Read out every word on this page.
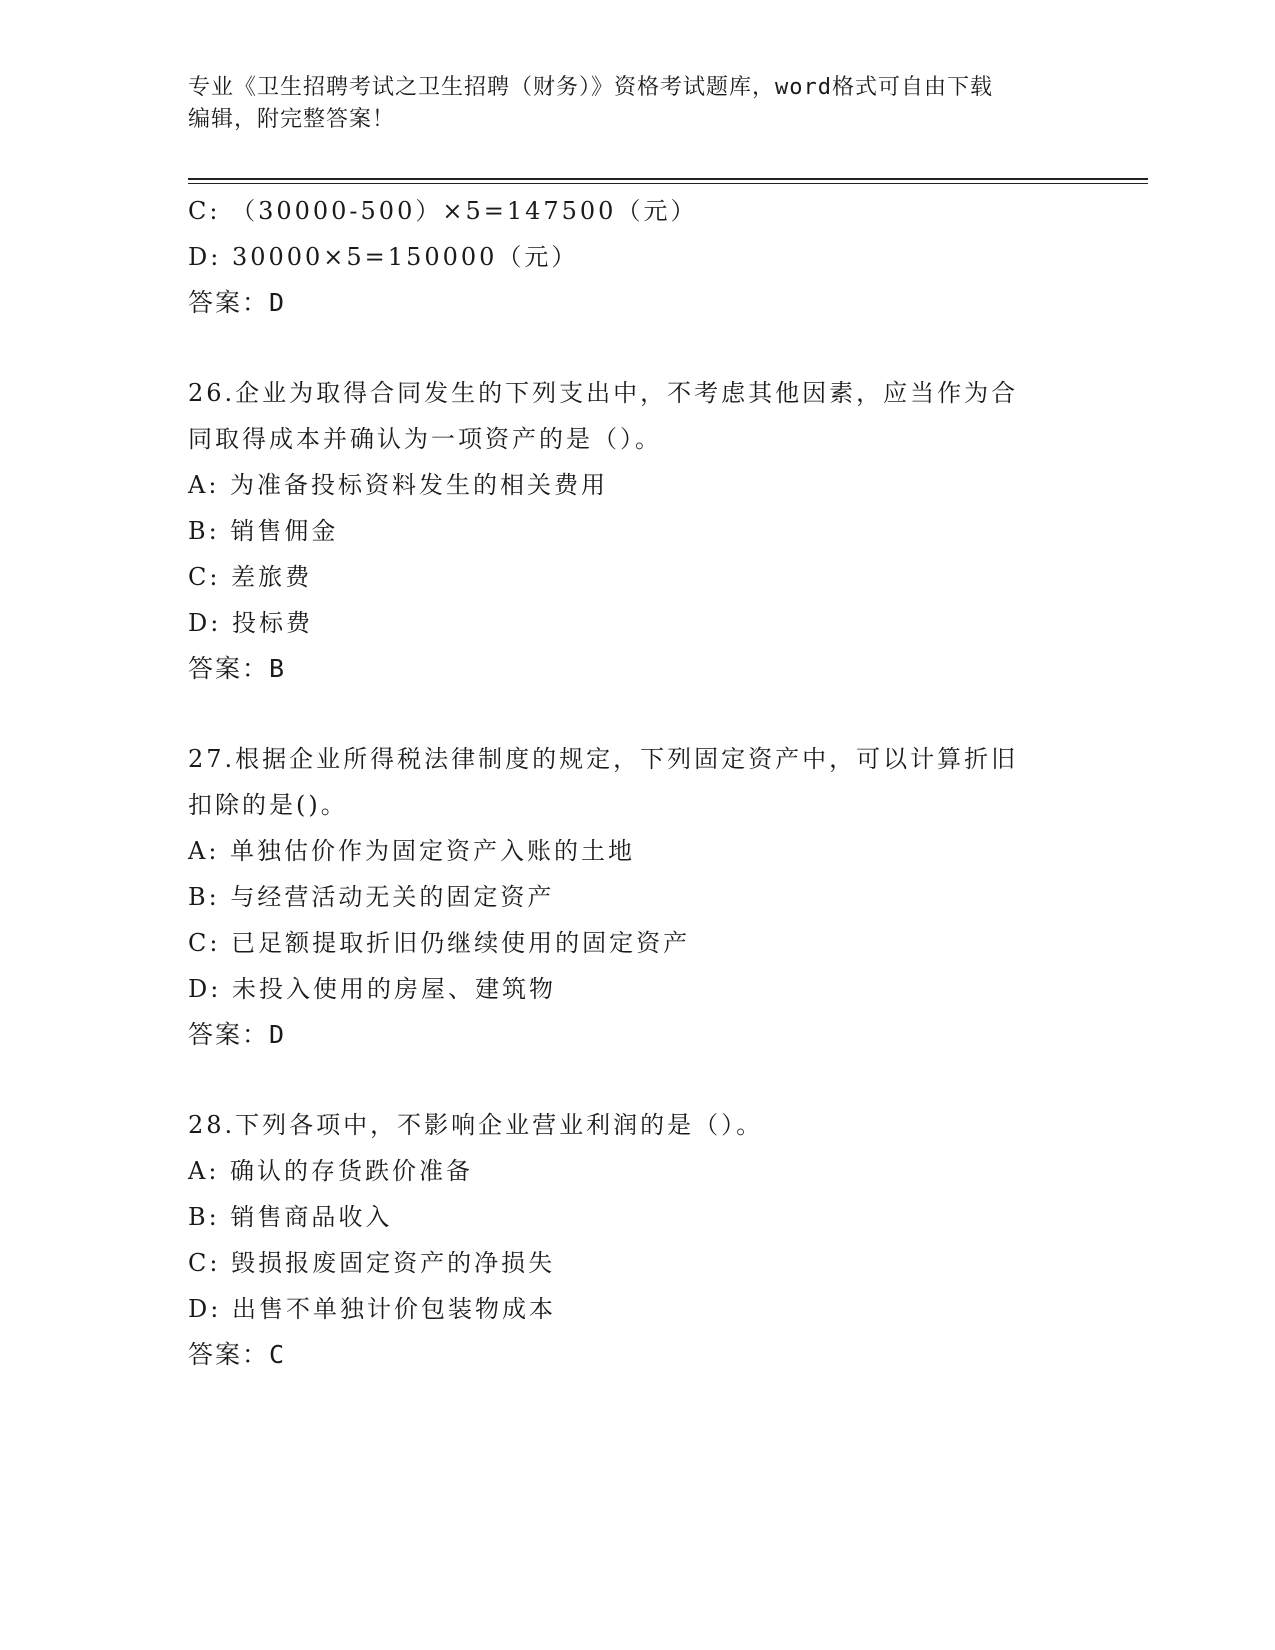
专业《卫生招聘考试之卫生招聘（财务）》资格考试题库，word格式可自由下载
编辑，附完整答案！
C: （30000-500）×5=147500（元）
D: 30000×5=150000（元）
答案：D
26.企业为取得合同发生的下列支出中，不考虑其他因素，应当作为合
同取得成本并确认为一项资产的是（）。
A: 为准备投标资料发生的相关费用
B: 销售佣金
C: 差旅费
D: 投标费
答案：B
27.根据企业所得税法律制度的规定，下列固定资产中，可以计算折旧
扣除的是()。
A: 单独估价作为固定资产入账的土地
B: 与经营活动无关的固定资产
C: 已足额提取折旧仍继续使用的固定资产
D: 未投入使用的房屋、建筑物
答案：D
28.下列各项中，不影响企业营业利润的是（）。
A: 确认的存货跌价准备
B: 销售商品收入
C: 毁损报废固定资产的净损失
D: 出售不单独计价包装物成本
答案：C
